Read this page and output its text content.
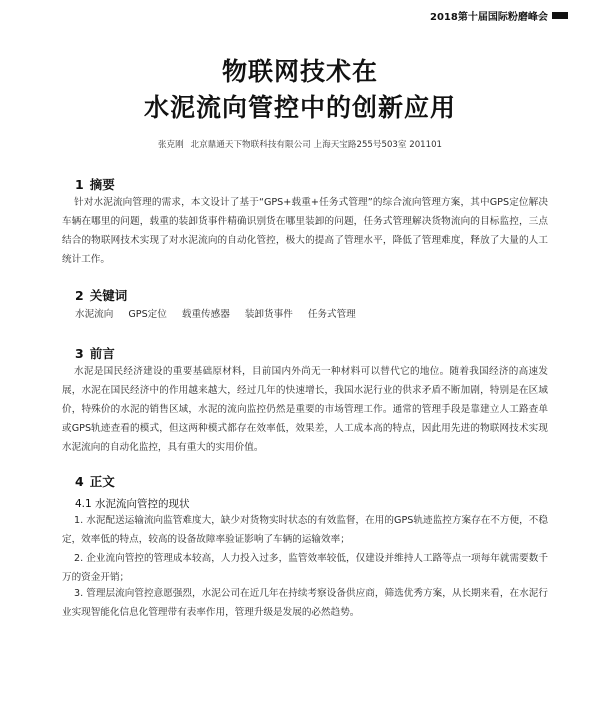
2018第十届国际粉磨峰会
物联网技术在
水泥流向管控中的创新应用
张克刚 北京鼎通天下物联科技有限公司 上海天宝路255号503室 201101
1 摘要
针对水泥流向管理的需求，本文设计了基于“GPS+载重+任务式管理”的综合流向管理方案，其中GPS定位解决车辆在哪里的问题，载重的装卸货事件精确识别货在哪里装卸的问题，任务式管理解决货物流向的目标监控，三点结合的物联网技术实现了对水泥流向的自动化管控，极大的提高了管理水平，降低了管理难度，释放了大量的人工统计工作。
2 关键词
水泥流向 GPS定位 载重传感器 装卸货事件 任务式管理
3 前言
水泥是国民经济建设的重要基础原材料，目前国内外尚无一种材料可以替代它的地位。随着我国经济的高速发展，水泥在国民经济中的作用越来越大，经过几年的快速增长，我国水泥行业的供求矛盾不断加剧，特别是在区域价，特殊价的水泥的销售区域，水泥的流向监控仍然是重要的市场管理工作。通常的管理手段是靠建立人工路查单或GPS轨迹查看的模式，但这两种模式都存在效率低，效果差，人工成本高的特点，因此用先进的物联网技术实现水泥流向的自动化监控，具有重大的实用价值。
4 正文
4.1 水泥流向管控的现状
1. 水泥配送运输流向监管难度大，缺少对货物实时状态的有效监督，在用的GPS轨迹监控方案存在不方便，不稳定，效率低的特点，较高的设备故障率验证影响了车辆的运输效率；
2. 企业流向管控的管理成本较高，人力投入过多，监管效率较低，仅建设并维持人工路等点一项每年就需要数千万的资金开销；
3. 管理层流向管控意愿强烈，水泥公司在近几年在持续考察设备供应商，筛选优秀方案，从长期来看，在水泥行业实现智能化信息化管理带有表率作用，管理升级是发展的必然趋势。
